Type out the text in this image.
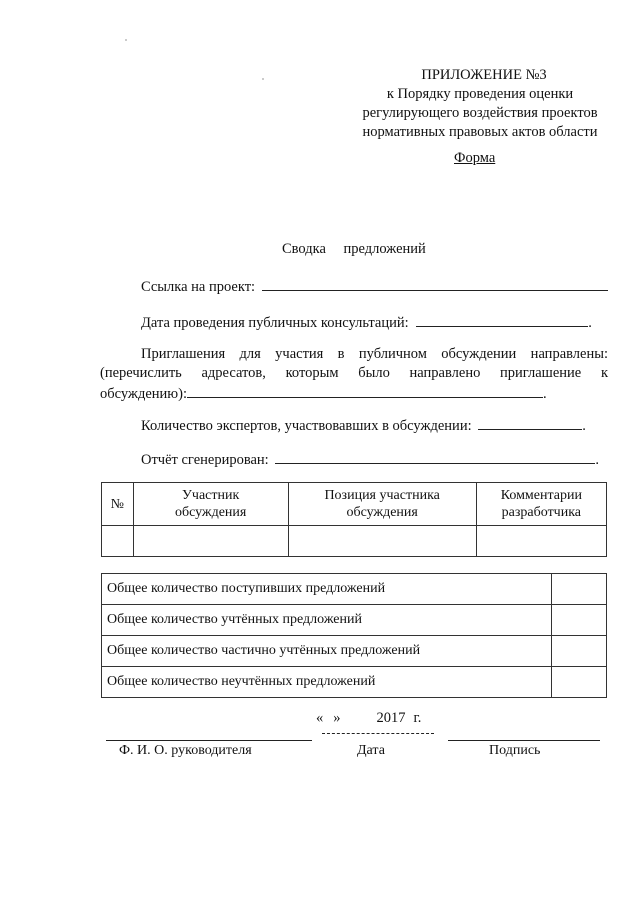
ПРИЛОЖЕНИЕ №3
к Порядку проведения оценки
регулирующего воздействия проектов
нормативных правовых актов области
Форма
Сводка предложений
Ссылка на проект:
Дата проведения публичных консультаций:	.
Приглашения для участия в публичном обсуждении направлены:
(перечислить адресатов, которым было направлено приглашение к
обсуждению):	.
Количество экспертов, участвовавших в обсуждении:	.
Отчёт сгенерирован:	.
№	Участник обсуждения	Позиция участника обсуждения	Комментарии разработчика

Общее количество поступивших предложений	
Общее количество учтённых предложений	
Общее количество частично учтённых предложений	
Общее количество неучтённых предложений	
« » 2017 г.
Ф. И. О. руководителя	Дата	Подпись
